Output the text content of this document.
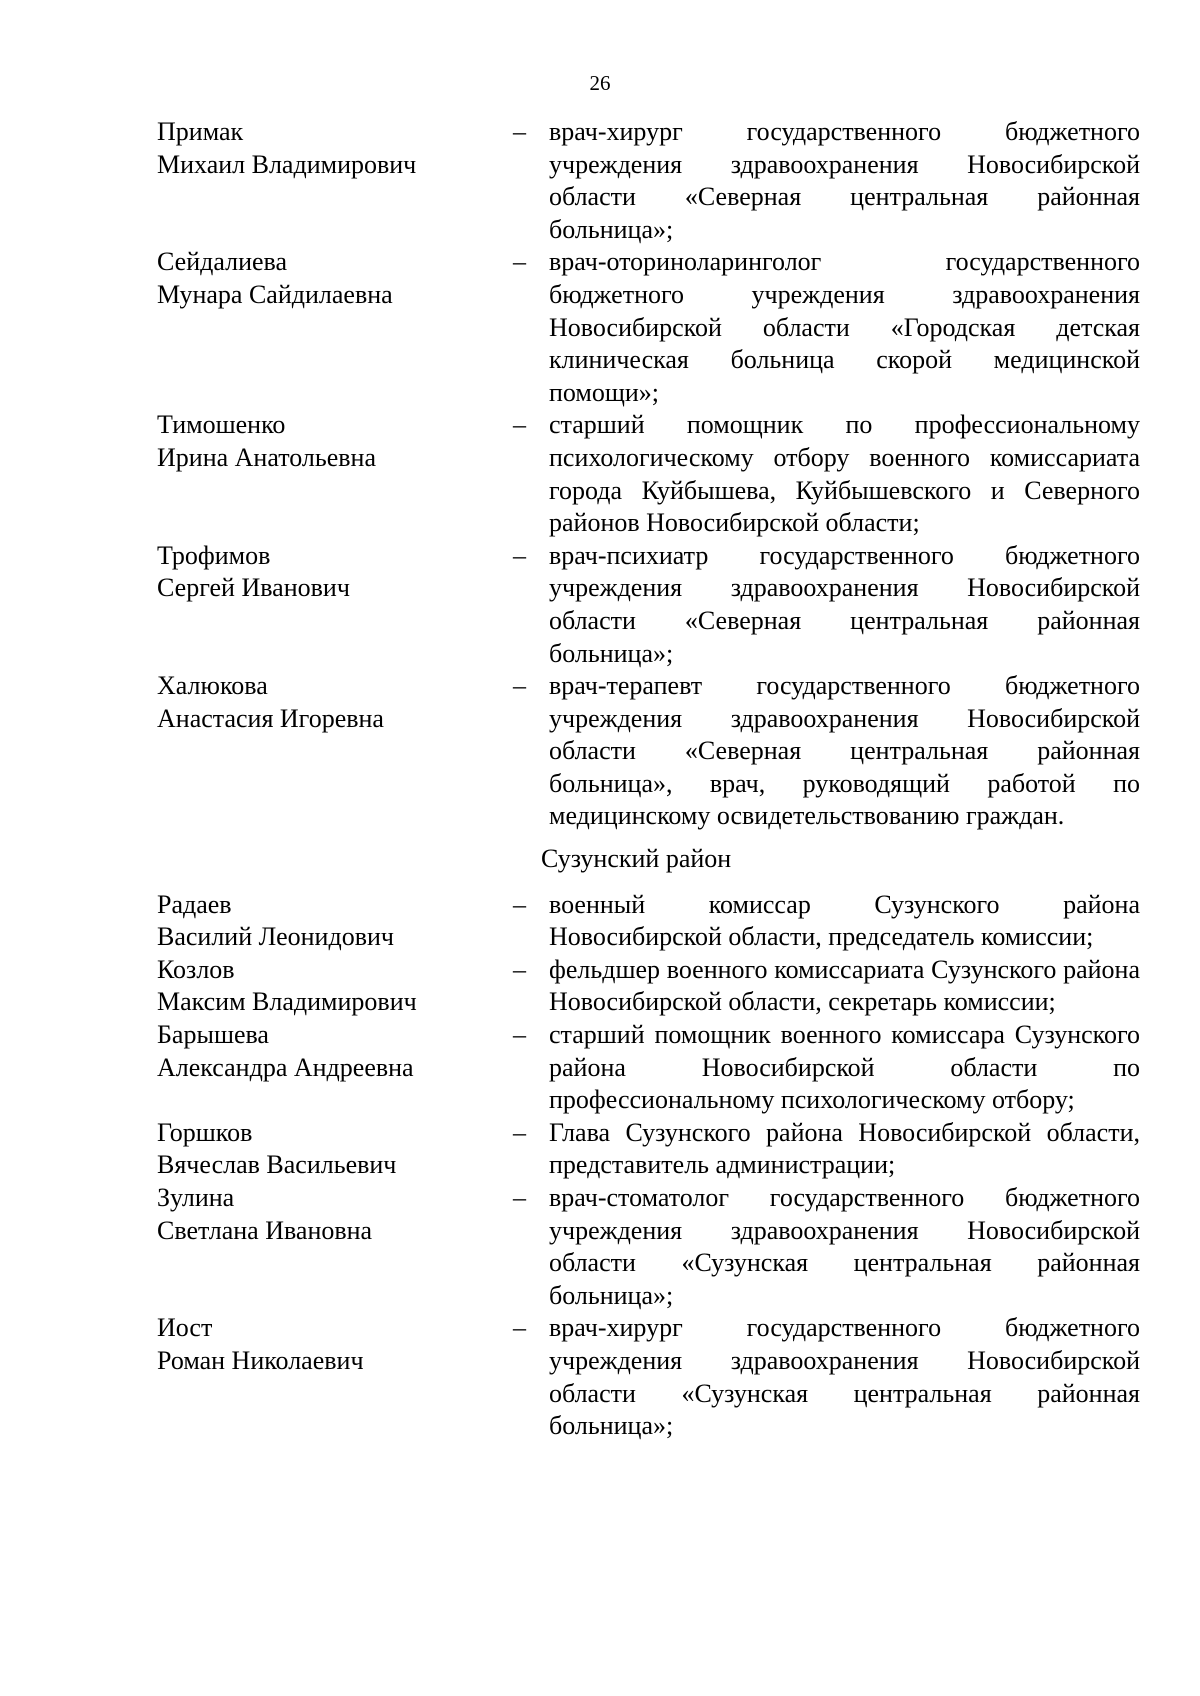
26
Примак
Михаил Владимирович
– врач-хирург государственного бюджетного учреждения здравоохранения Новосибирской области «Северная центральная районная больница»;
Сейдалиева
Мунара Сайдилаевна
– врач-оториноларинголог государственного бюджетного учреждения здравоохранения Новосибирской области «Городская детская клиническая больница скорой медицинской помощи»;
Тимошенко
Ирина Анатольевна
– старший помощник по профессиональному психологическому отбору военного комиссариата города Куйбышева, Куйбышевского и Северного районов Новосибирской области;
Трофимов
Сергей Иванович
– врач-психиатр государственного бюджетного учреждения здравоохранения Новосибирской области «Северная центральная районная больница»;
Халюкова
Анастасия Игоревна
– врач-терапевт государственного бюджетного учреждения здравоохранения Новосибирской области «Северная центральная районная больница», врач, руководящий работой по медицинскому освидетельствованию граждан.
Сузунский район
Радаев
Василий Леонидович
– военный комиссар Сузунского района Новосибирской области, председатель комиссии;
Козлов
Максим Владимирович
– фельдшер военного комиссариата Сузунского района Новосибирской области, секретарь комиссии;
Барышева
Александра Андреевна
– старший помощник военного комиссара Сузунского района Новосибирской области по профессиональному психологическому отбору;
Горшков
Вячеслав Васильевич
– Глава Сузунского района Новосибирской области, представитель администрации;
Зулина
Светлана Ивановна
– врач-стоматолог государственного бюджетного учреждения здравоохранения Новосибирской области «Сузунская центральная районная больница»;
Иост
Роман Николаевич
– врач-хирург государственного бюджетного учреждения здравоохранения Новосибирской области «Сузунская центральная районная больница»;
